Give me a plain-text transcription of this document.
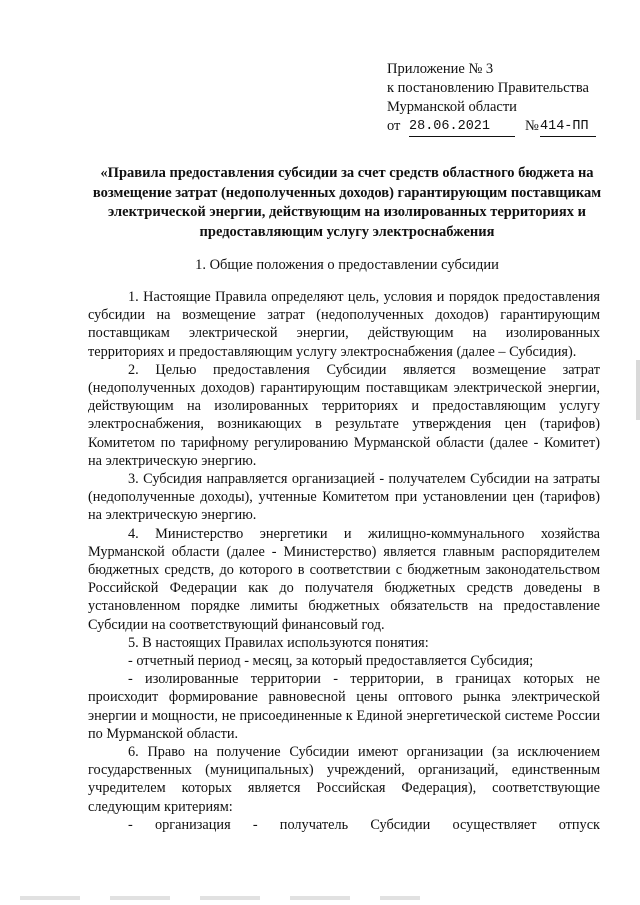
Приложение № 3
к постановлению Правительства
Мурманской области
от 28.06.2021	№ 414-ПП
«Правила предоставления субсидии за счет средств областного бюджета на возмещение затрат (недополученных доходов) гарантирующим поставщикам электрической энергии, действующим на изолированных территориях и предоставляющим услугу электроснабжения
1. Общие положения о предоставлении субсидии

1. Настоящие Правила определяют цель, условия и порядок предоставления субсидии на возмещение затрат (недополученных доходов) гарантирующим поставщикам электрической энергии, действующим на изолированных территориях и предоставляющим услугу электроснабжения (далее – Субсидия).

2. Целью предоставления Субсидии является возмещение затрат (недополученных доходов) гарантирующим поставщикам электрической энергии, действующим на изолированных территориях и предоставляющим услугу электроснабжения, возникающих в результате утверждения цен (тарифов) Комитетом по тарифному регулированию Мурманской области (далее - Комитет) на электрическую энергию.

3. Субсидия направляется организацией - получателем Субсидии на затраты (недополученные доходы), учтенные Комитетом при установлении цен (тарифов) на электрическую энергию.

4. Министерство энергетики и жилищно-коммунального хозяйства Мурманской области (далее - Министерство) является главным распорядителем бюджетных средств, до которого в соответствии с бюджетным законодательством Российской Федерации как до получателя бюджетных средств доведены в установленном порядке лимиты бюджетных обязательств на предоставление Субсидии на соответствующий финансовый год.

5. В настоящих Правилах используются понятия:

- отчетный период - месяц, за который предоставляется Субсидия;

- изолированные территории - территории, в границах которых не происходит формирование равновесной цены оптового рынка электрической энергии и мощности, не присоединенные к Единой энергетической системе России по Мурманской области.

6. Право на получение Субсидии имеют организации (за исключением государственных (муниципальных) учреждений, организаций, единственным учредителем которых является Российская Федерация), соответствующие следующим критериям:

- организация - получатель Субсидии осуществляет отпуск
